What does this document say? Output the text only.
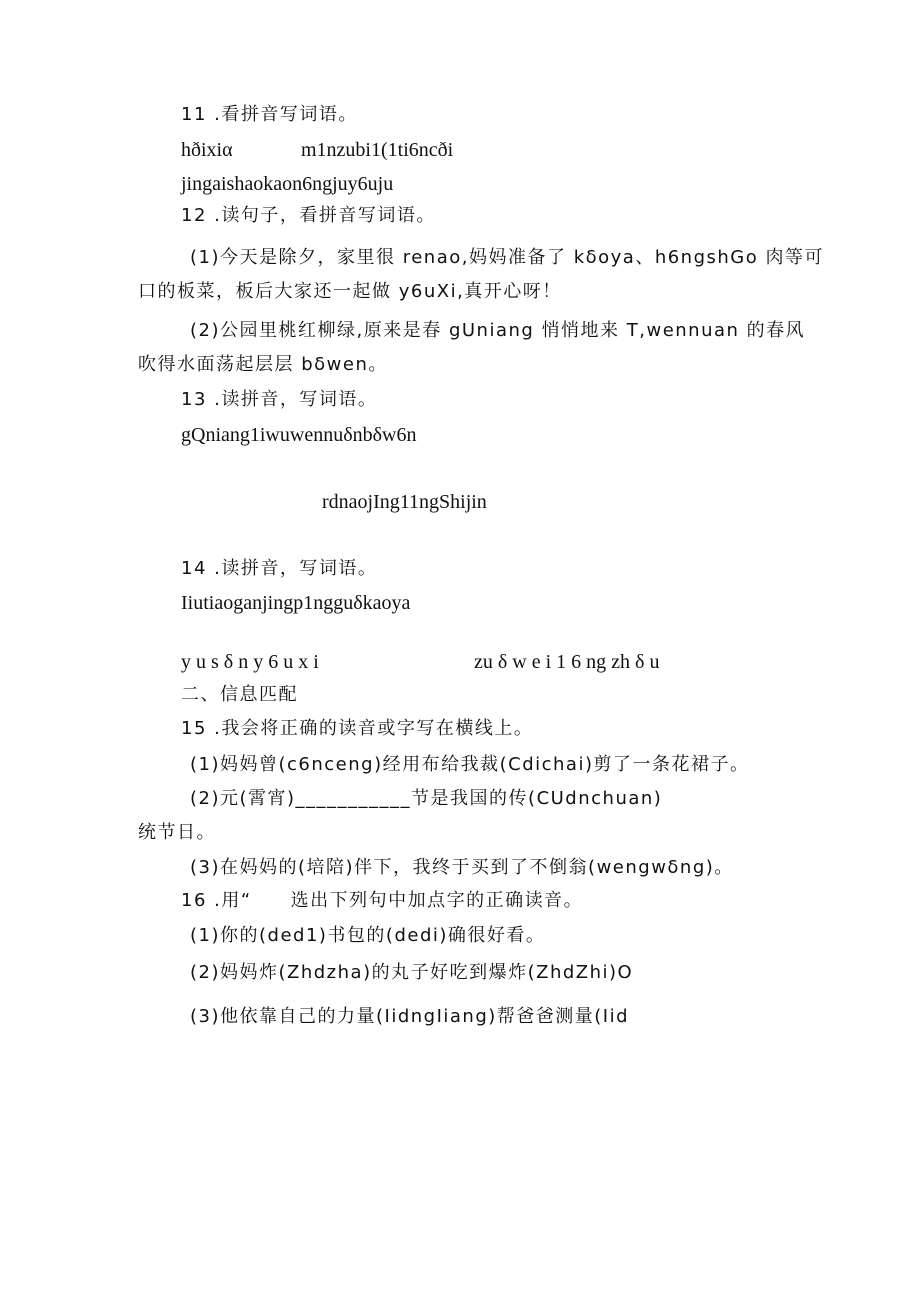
11 .看拼音写词语。
hðixiα	m1nzubi1(1ti6ncði
jingaishaokaon6ngjuy6uju
12 .读句子，看拼音写词语。
(1)今天是除夕，家里很 renao,妈妈准备了 kδoya、h6ngshGo 肉等可
口的板菜，板后大家还一起做 y6uXi,真开心呀！
(2)公园里桃红柳绿,原来是春 gUniang 悄悄地来 T,wennuan 的春风
吹得水面荡起层层 bδwen。
13 .读拼音，写词语。
gQniang1iwuwennuδnbδw6n
rdnaojIng11ngShijin
14 .读拼音，写词语。
Iiutiaoganjingp1ngguδkaoya
y u s δ n y 6 u x i	zu δ w e i 1 6 ng zh δ u
二、信息匹配
15 .我会将正确的读音或字写在横线上。
(1)妈妈曾(c6nceng)经用布给我裁(Cdichai)剪了一条花裙子。
(2)元(霄宵)___________节是我国的传(CUdnchuan)
统节日。
(3)在妈妈的(培陪)伴下，我终于买到了不倒翁(wengwδng)。
16 .用“　　选出下列句中加点字的正确读音。
(1)你的(ded1)书包的(dedi)确很好看。
(2)妈妈炸(Zhdzha)的丸子好吃到爆炸(ZhdZhi)O
(3)他依靠自己的力量(IidngIiang)帮爸爸测量(Iid
